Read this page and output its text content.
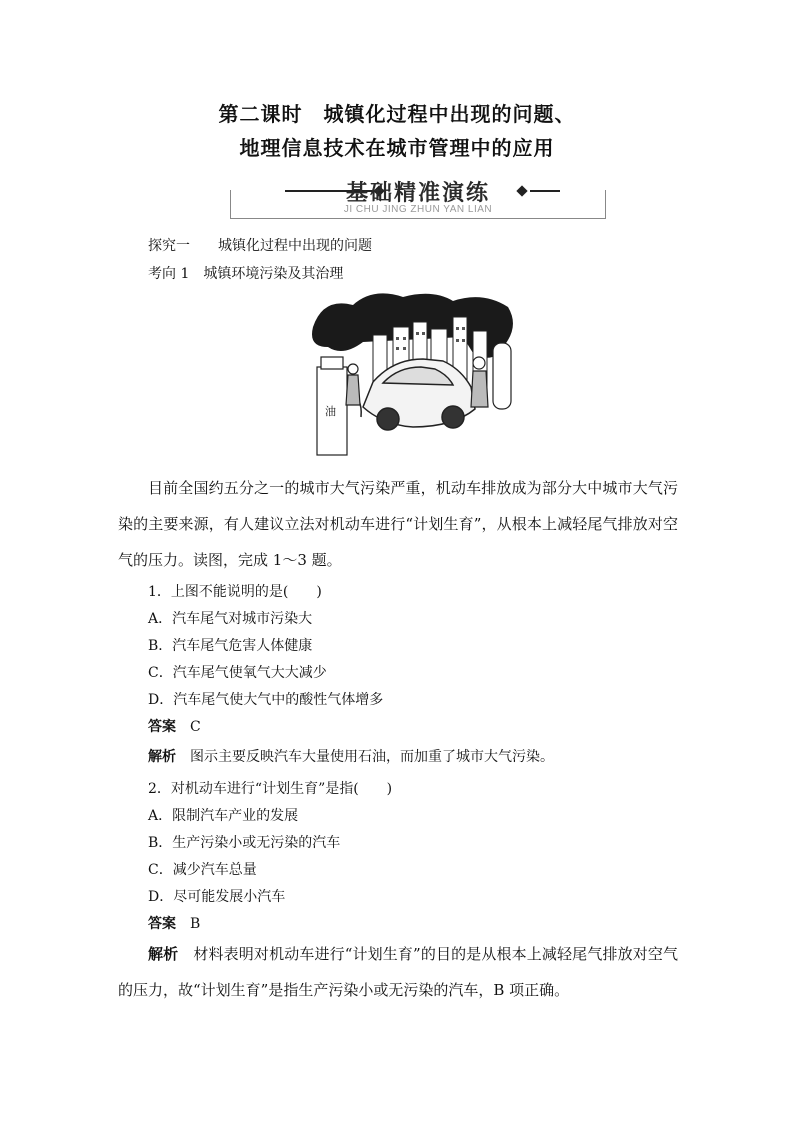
第二课时　城镇化过程中出现的问题、
地理信息技术在城市管理中的应用
基础精准演练
JI CHU JING ZHUN YAN LIAN
探究一　　城镇化过程中出现的问题
考向 1　城镇环境污染及其治理
油

目前全国约五分之一的城市大气污染严重，机动车排放成为部分大中城市大气污染的主要来源，有人建议立法对机动车进行“计划生育”，从根本上减轻尾气排放对空气的压力。读图，完成 1～3 题。

1．上图不能说明的是(　　)
A．汽车尾气对城市污染大
B．汽车尾气危害人体健康
C．汽车尾气使氧气大大减少
D．汽车尾气使大气中的酸性气体增多
答案　 C
解析　 图示主要反映汽车大量使用石油，而加重了城市大气污染。
2．对机动车进行“计划生育”是指(　　)
A．限制汽车产业的发展
B．生产污染小或无污染的汽车
C．减少汽车总量
D．尽可能发展小汽车
答案　 B

解析　 材料表明对机动车进行“计划生育”的目的是从根本上减轻尾气排放对空气的压力，故“计划生育”是指生产污染小或无污染的汽车，B 项正确。
